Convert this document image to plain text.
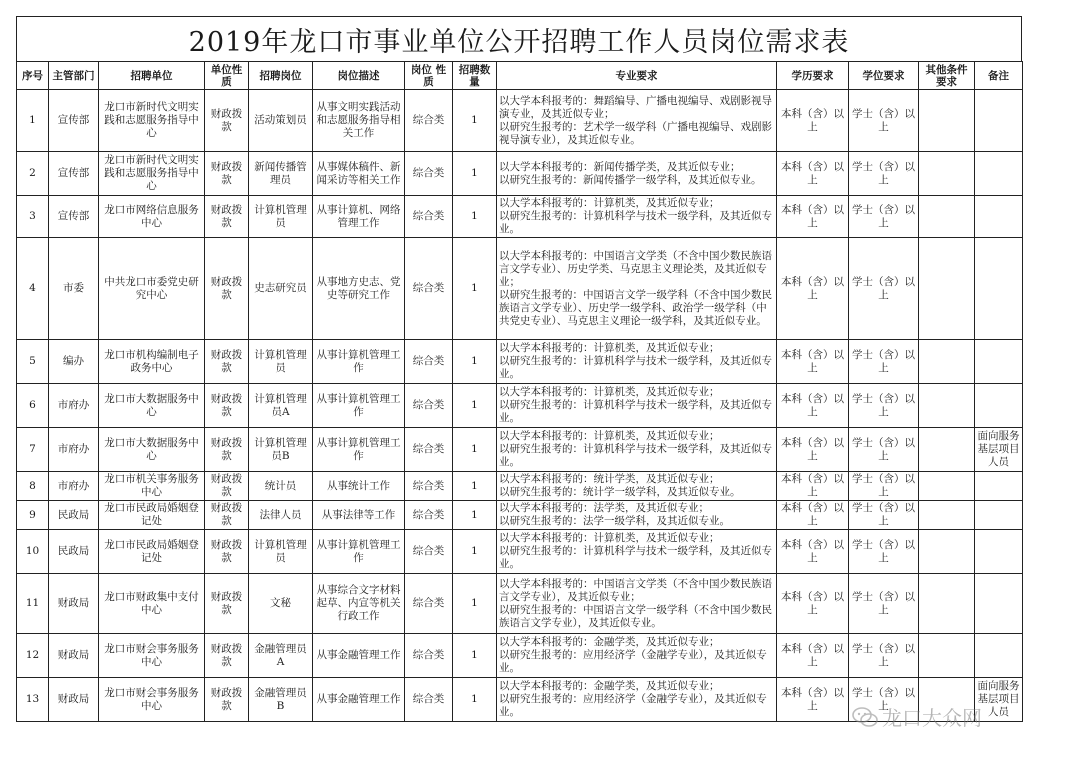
2019年龙口市事业单位公开招聘工作人员岗位需求表
序号	主管部门	招聘单位	单位性质	招聘岗位	岗位描述	岗位 性质	招聘数量	专业要求	学历要求	学位要求	其他条件要求	备注
1	宣传部	龙口市新时代文明实践和志愿服务指导中心	财政拨款	活动策划员	从事文明实践活动和志愿服务指导相关工作	综合类	1	以大学本科报考的：舞蹈编导、广播电视编导、戏剧影视导演专业，及其近似专业；
以研究生报考的：艺术学一级学科（广播电视编导、戏剧影视导演专业），及其近似专业。	本科（含）以上	学士（含）以上		
2	宣传部	龙口市新时代文明实践和志愿服务指导中心	财政拨款	新闻传播管理员	从事媒体稿件、新闻采访等相关工作	综合类	1	以大学本科报考的：新闻传播学类，及其近似专业；
以研究生报考的：新闻传播学一级学科，及其近似专业。	本科（含）以上	学士（含）以上		
3	宣传部	龙口市网络信息服务中心	财政拨款	计算机管理员	从事计算机、网络管理工作	综合类	1	以大学本科报考的：计算机类，及其近似专业；
以研究生报考的：计算机科学与技术一级学科，及其近似专业。	本科（含）以上	学士（含）以上		
4	市委	中共龙口市委党史研究中心	财政拨款	史志研究员	从事地方史志、党史等研究工作	综合类	1	以大学本科报考的：中国语言文学类（不含中国少数民族语言文学专业）、历史学类、马克思主义理论类，及其近似专业；
以研究生报考的：中国语言文学一级学科（不含中国少数民族语言文学专业）、历史学一级学科、政治学一级学科（中共党史专业）、马克思主义理论一级学科，及其近似专业。	本科（含）以上	学士（含）以上		
5	编办	龙口市机构编制电子政务中心	财政拨款	计算机管理员	从事计算机管理工作	综合类	1	以大学本科报考的：计算机类，及其近似专业；
以研究生报考的：计算机科学与技术一级学科，及其近似专业。	本科（含）以上	学士（含）以上		
6	市府办	龙口市大数据服务中心	财政拨款	计算机管理员A	从事计算机管理工作	综合类	1	以大学本科报考的：计算机类，及其近似专业；
以研究生报考的：计算机科学与技术一级学科，及其近似专业。	本科（含）以上	学士（含）以上		
7	市府办	龙口市大数据服务中心	财政拨款	计算机管理员B	从事计算机管理工作	综合类	1	以大学本科报考的：计算机类，及其近似专业；
以研究生报考的：计算机科学与技术一级学科，及其近似专业。	本科（含）以上	学士（含）以上		面向服务基层项目人员
8	市府办	龙口市机关事务服务中心	财政拨款	统计员	从事统计工作	综合类	1	以大学本科报考的：统计学类，及其近似专业；
以研究生报考的：统计学一级学科，及其近似专业。	本科（含）以上	学士（含）以上		
9	民政局	龙口市民政局婚姻登记处	财政拨款	法律人员	从事法律等工作	综合类	1	以大学本科报考的：法学类，及其近似专业；
以研究生报考的：法学一级学科，及其近似专业。	本科（含）以上	学士（含）以上		
10	民政局	龙口市民政局婚姻登记处	财政拨款	计算机管理员	从事计算机管理工作	综合类	1	以大学本科报考的：计算机类，及其近似专业；
以研究生报考的：计算机科学与技术一级学科，及其近似专业。	本科（含）以上	学士（含）以上		
11	财政局	龙口市财政集中支付中心	财政拨款	文秘	从事综合文字材料起草、内宣等机关行政工作	综合类	1	以大学本科报考的：中国语言文学类（不含中国少数民族语言文学专业），及其近似专业；
以研究生报考的：中国语言文学一级学科（不含中国少数民族语言文学专业），及其近似专业。	本科（含）以上	学士（含）以上		
12	财政局	龙口市财会事务服务中心	财政拨款	金融管理员A	从事金融管理工作	综合类	1	以大学本科报考的：金融学类，及其近似专业；
以研究生报考的：应用经济学（金融学专业），及其近似专业。	本科（含）以上	学士（含）以上		
13	财政局	龙口市财会事务服务中心	财政拨款	金融管理员B	从事金融管理工作	综合类	1	以大学本科报考的：金融学类，及其近似专业；
以研究生报考的：应用经济学（金融学专业），及其近似专业。	本科（含）以上	学士（含）以上		面向服务基层项目人员
龙口大众网
